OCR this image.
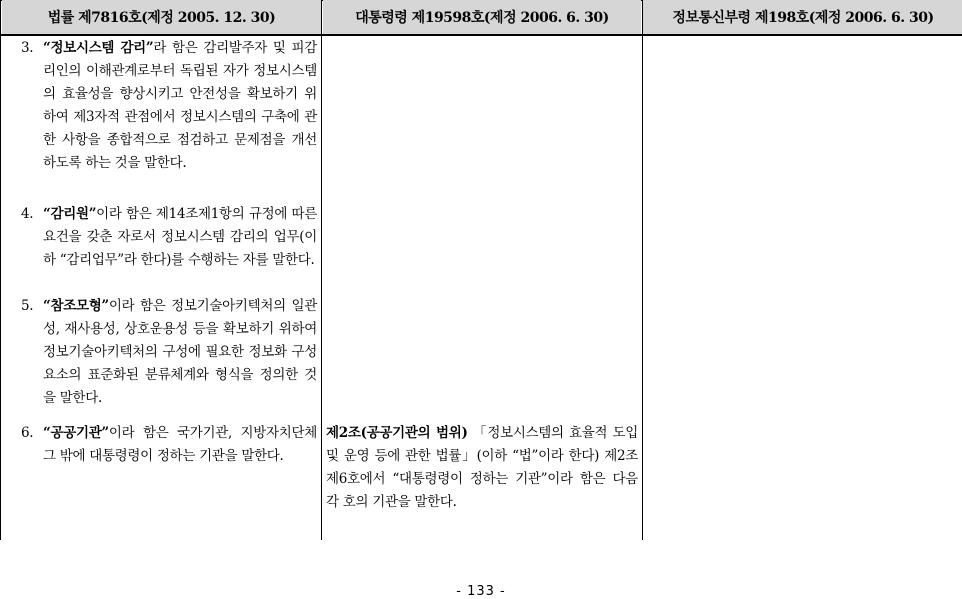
법률 제7816호(제정 2005. 12. 30)	대통령령 제19598호(제정 2006. 6. 30)	정보통신부령 제198호(제정 2006. 6. 30)
3. “정보시스템 감리”라 함은 감리발주자 및 피감리인의 이해관계로부터 독립된 자가 정보시스템의 효율성을 향상시키고 안전성을 확보하기 위하여 제3자적 관점에서 정보시스템의 구축에 관한 사항을 종합적으로 점검하고 문제점을 개선하도록 하는 것을 말한다.
4. “감리원”이라 함은 제14조제1항의 규정에 따른 요건을 갖춘 자로서 정보시스템 감리의 업무(이하 “감리업무”라 한다)를 수행하는 자를 말한다.
5. “참조모형”이라 함은 정보기술아키텍처의 일관성, 재사용성, 상호운용성 등을 확보하기 위하여 정보기술아키텍처의 구성에 필요한 정보화 구성요소의 표준화된 분류체계와 형식을 정의한 것을 말한다.
6. “공공기관”이라 함은 국가기관, 지방자치단체 그 밖에 대통령령이 정하는 기관을 말한다.
제2조(공공기관의 범위) 「정보시스템의 효율적 도입 및 운영 등에 관한 법률」(이하 “법”이라 한다) 제2조제6호에서 “대통령령이 정하는 기관”이라 함은 다음 각 호의 기관을 말한다.
- 133 -
